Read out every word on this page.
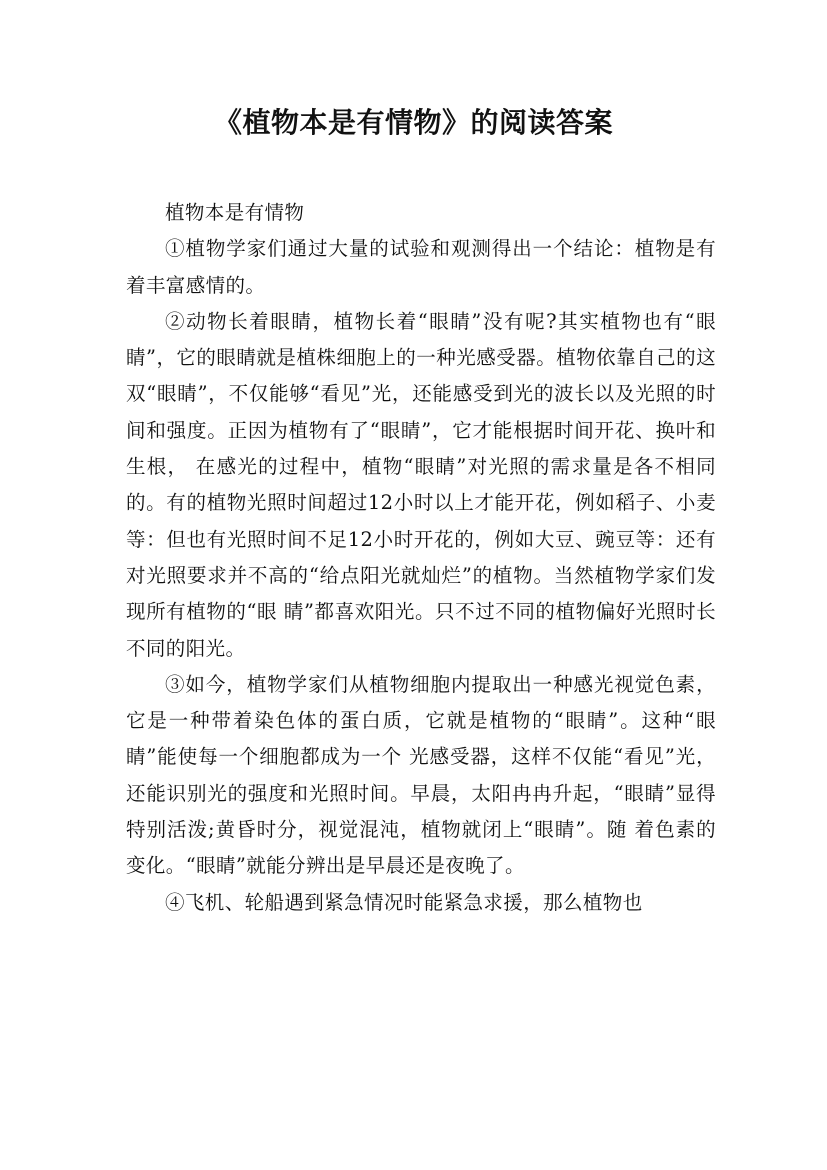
《植物本是有情物》的阅读答案

植物本是有情物

①植物学家们通过大量的试验和观测得出一个结论：植物是有着丰富感情的。

②动物长着眼睛，植物长着“眼睛”没有呢?其实植物也有“眼睛”，它的眼睛就是植株细胞上的一种光感受器。植物依靠自己的这双“眼睛”，不仅能够“看见”光，还能感受到光的波长以及光照的时间和强度。正因为植物有了“眼睛”，它才能根据时间开花、换叶和生根， 在感光的过程中，植物“眼睛”对光照的需求量是各不相同的。有的植物光照时间超过12小时以上才能开花，例如稻子、小麦等：但也有光照时间不足12小时开花的，例如大豆、豌豆等：还有对光照要求并不高的“给点阳光就灿烂”的植物。当然植物学家们发现所有植物的“眼 睛”都喜欢阳光。只不过不同的植物偏好光照时长不同的阳光。

③如今，植物学家们从植物细胞内提取出一种感光视觉色素，它是一种带着染色体的蛋白质，它就是植物的“眼睛”。这种“眼睛”能使每一个细胞都成为一个 光感受器，这样不仅能“看见”光，还能识别光的强度和光照时间。早晨，太阳冉冉升起，“眼睛”显得特别活泼;黄昏时分，视觉混沌，植物就闭上“眼睛”。随 着色素的变化。“眼睛”就能分辨出是早晨还是夜晚了。

④飞机、轮船遇到紧急情况时能紧急求援，那么植物也
